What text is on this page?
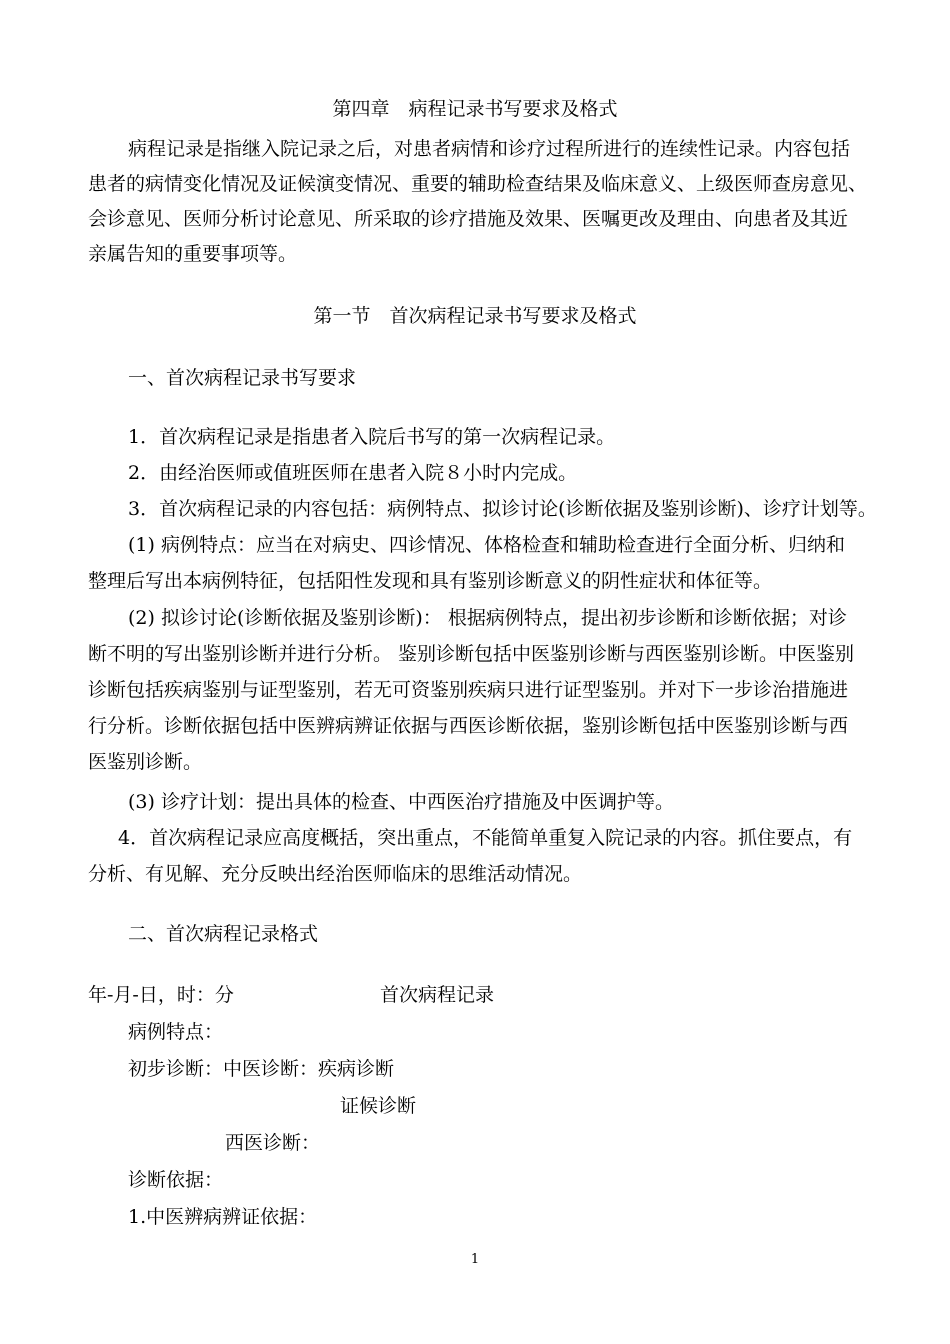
第四章　病程记录书写要求及格式
病程记录是指继入院记录之后，对患者病情和诊疗过程所进行的连续性记录。内容包括
患者的病情变化情况及证候演变情况、重要的辅助检查结果及临床意义、上级医师查房意见、
会诊意见、医师分析讨论意见、所采取的诊疗措施及效果、医嘱更改及理由、向患者及其近
亲属告知的重要事项等。
第一节　首次病程记录书写要求及格式
一、首次病程记录书写要求
1．首次病程记录是指患者入院后书写的第一次病程记录。
2．由经治医师或值班医师在患者入院８小时内完成。
3．首次病程记录的内容包括：病例特点、拟诊讨论(诊断依据及鉴别诊断)、诊疗计划等。
(1) 病例特点：应当在对病史、四诊情况、体格检查和辅助检查进行全面分析、归纳和
整理后写出本病例特征，包括阳性发现和具有鉴别诊断意义的阴性症状和体征等。
(2) 拟诊讨论(诊断依据及鉴别诊断)： 根据病例特点，提出初步诊断和诊断依据；对诊
断不明的写出鉴别诊断并进行分析。 鉴别诊断包括中医鉴别诊断与西医鉴别诊断。中医鉴别
诊断包括疾病鉴别与证型鉴别，若无可资鉴别疾病只进行证型鉴别。并对下一步诊治措施进
行分析。诊断依据包括中医辨病辨证依据与西医诊断依据，鉴别诊断包括中医鉴别诊断与西
医鉴别诊断。
(3) 诊疗计划：提出具体的检查、中西医治疗措施及中医调护等。
4．首次病程记录应高度概括，突出重点，不能简单重复入院记录的内容。抓住要点，有
分析、有见解、充分反映出经治医师临床的思维活动情况。
二、首次病程记录格式
年-月-日，时：分	首次病程记录
病例特点：
初步诊断：中医诊断：疾病诊断
证候诊断
西医诊断：
诊断依据：
1.中医辨病辨证依据：
1
